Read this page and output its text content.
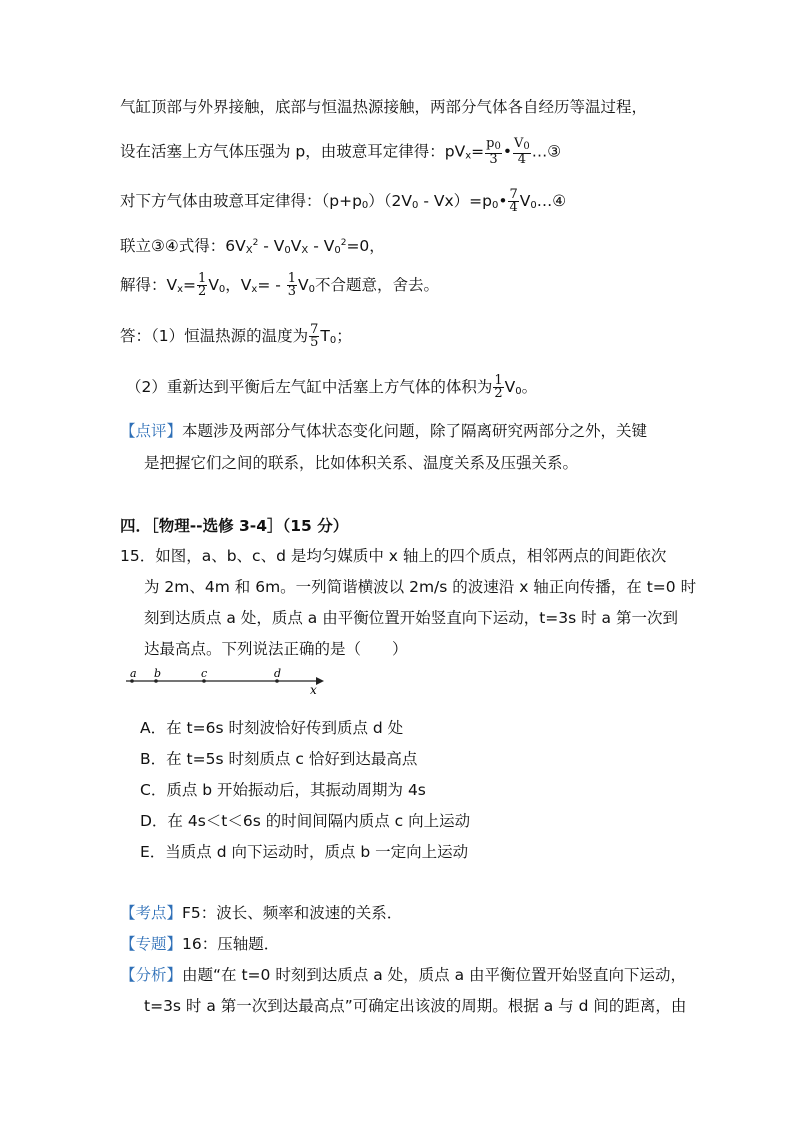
气缸顶部与外界接触，底部与恒温热源接触，两部分气体各自经历等温过程，
设在活塞上方气体压强为 p，由玻意耳定律得：$pV_x= \frac{p_0}{3}$ • $\frac{V_0}{4}$ …③
对下方气体由玻意耳定律得：$(p+p_0)(2V_0$ - $Vx)=p_0• \frac{7}{4}$ $V_0\dots ④$
联立③④式得：$6V_X^2 - V_0V_X - V_0^2=0$，
解得：$V_x= \frac{1}{2} V_0$，$V_x= - \frac{1}{3} V_0$不合题意，舍去。
答：（1）恒温热源的温度为 $\frac{7}{5} T_0$；
（2）重新达到平衡后左气缸中活塞上方气体的体积为 $\frac{1}{2} V_0$。
【点评】本题涉及两部分气体状态变化问题，除了隔离研究两部分之外，关键
是把握它们之间的联系，比如体积关系、温度关系及压强关系。
四．［物理--选修 3-4］（15 分）
15．如图，a、b、c、d 是均匀媒质中 x 轴上的四个质点，相邻两点的间距依次
为 2m、4m 和 6m。一列简谐横波以 2m/s 的波速沿 x 轴正向传播，在 t=0 时
刻到达质点 a 处，质点 a 由平衡位置开始竖直向下运动，t=3s 时 a 第一次到
达最高点。下列说法正确的是（　　）
a b	c	d
x
A．在 t=6s 时刻波恰好传到质点 d 处
B．在 t=5s 时刻质点 c 恰好到达最高点
C．质点 b 开始振动后，其振动周期为 4s
D．在 4s＜t＜6s 的时间间隔内质点 c 向上运动
E．当质点 d 向下运动时，质点 b 一定向上运动
【考点】F5：波长、频率和波速的关系．
【专题】16：压轴题．
【分析】由题“在 t=0 时刻到达质点 a 处，质点 a 由平衡位置开始竖直向下运动，
t=3s 时 a 第一次到达最高点”可确定出该波的周期。根据 a 与 d 间的距离，由
